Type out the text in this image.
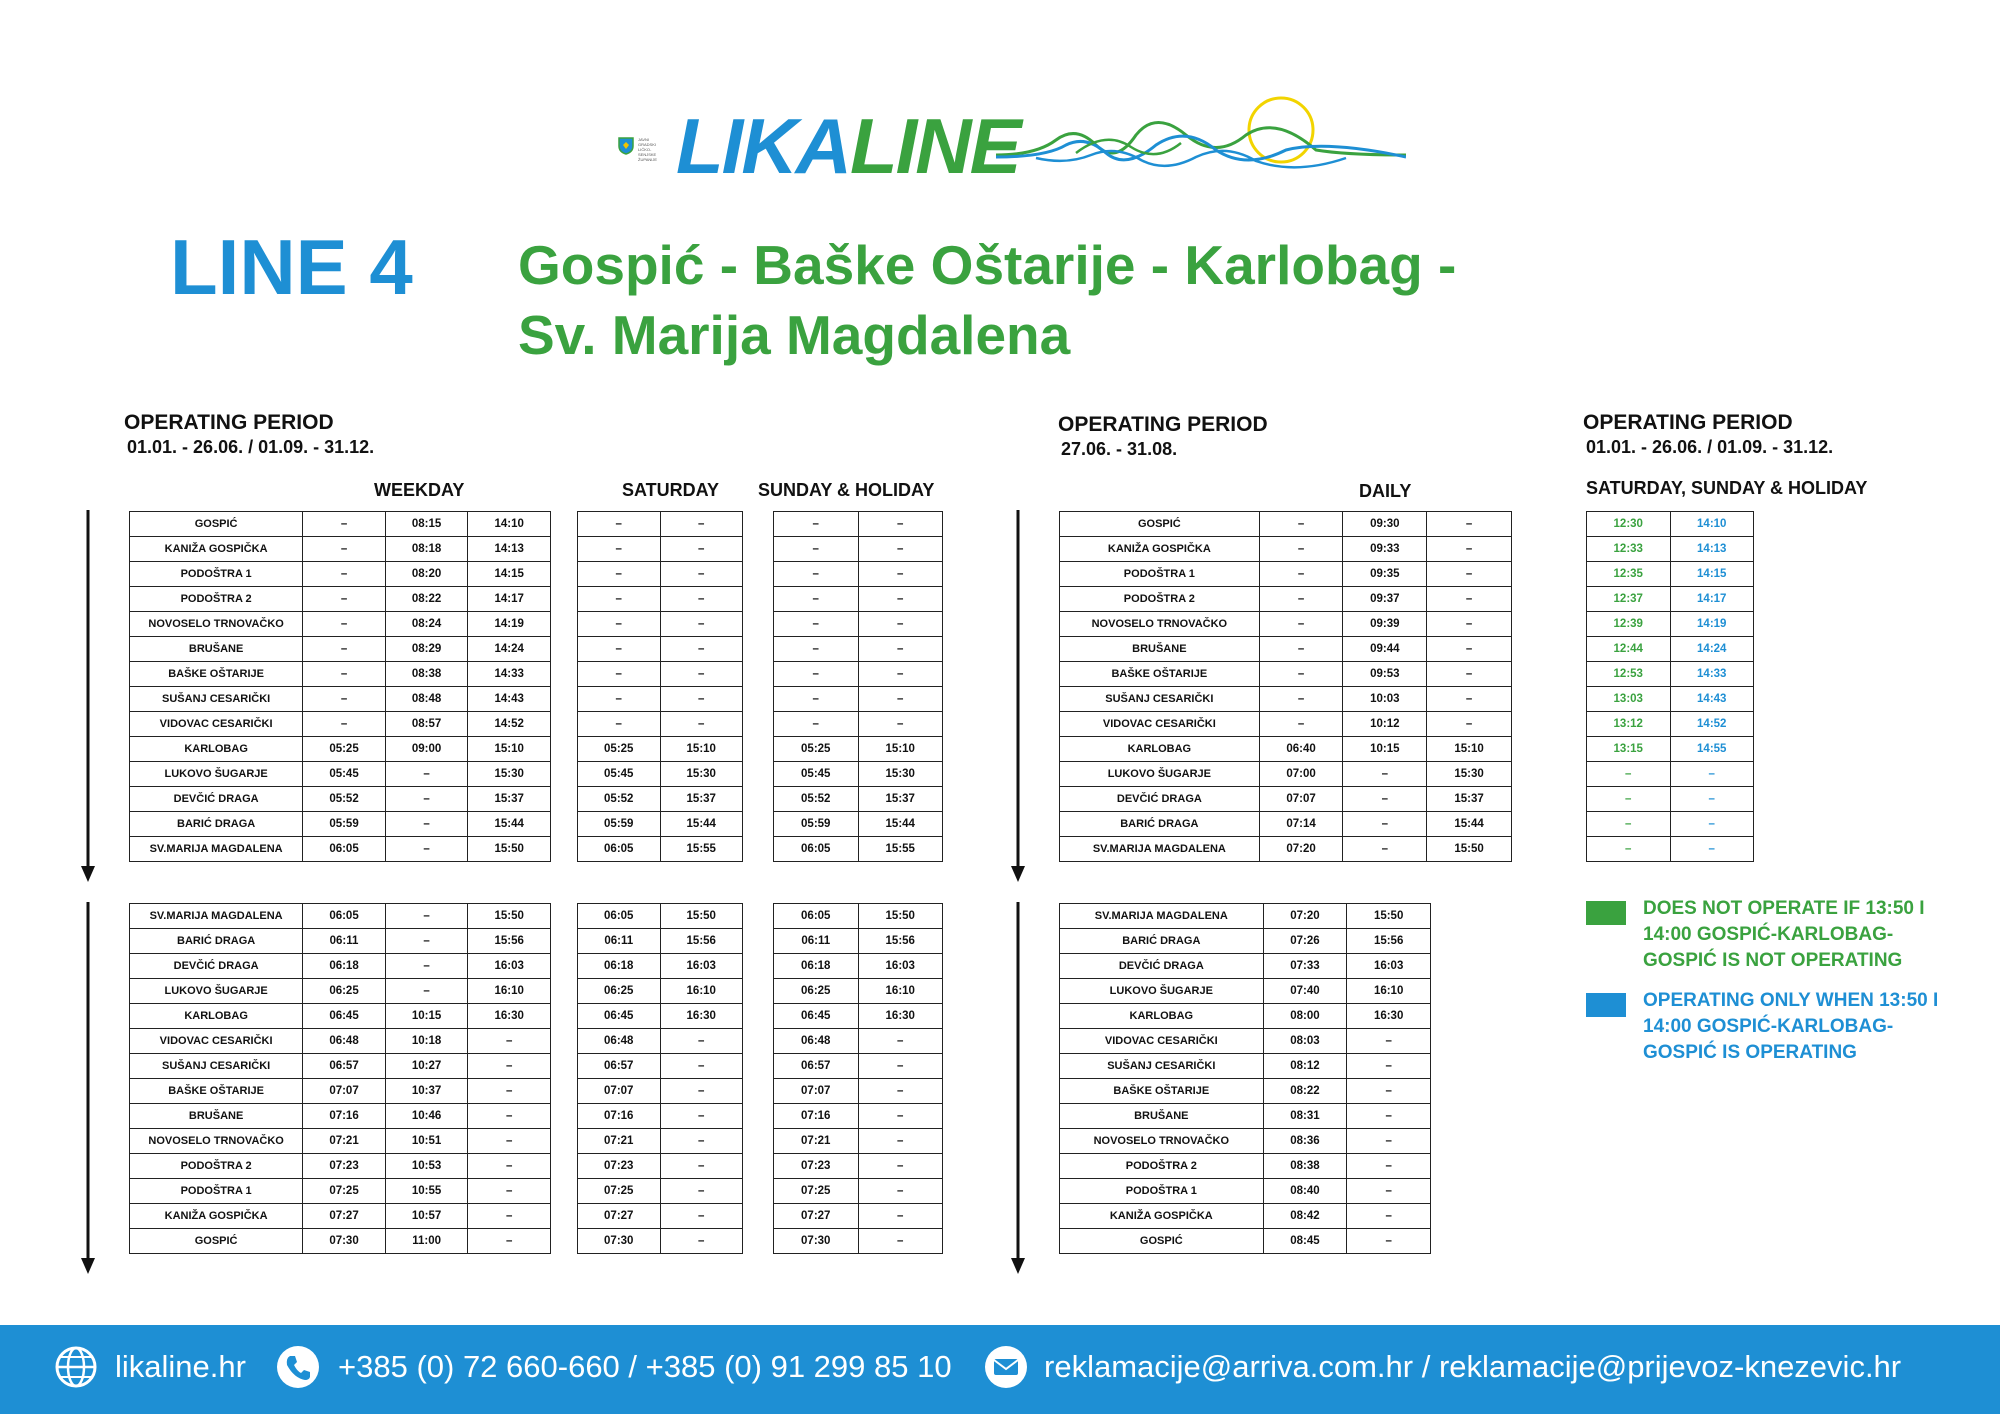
JAVNI GRADSKI LIČKO-SENJSKE ŽUPANIJE LIKALINE
LINE 4 Gospić - Baške Oštarije - Karlobag -
Sv. Marija Magdalena
OPERATING PERIOD
01.01. - 26.06. / 01.09. - 31.12.
OPERATING PERIOD
27.06. - 31.08.
OPERATING PERIOD
01.01. - 26.06. / 01.09. - 31.12.
WEEKDAY	SATURDAY SUNDAY & HOLIDAY	DAILY	SATURDAY, SUNDAY & HOLIDAY
GOSPIĆ	–	08:15	14:10
KANIŽA GOSPIČKA	–	08:18	14:13
PODOŠTRA 1	–	08:20	14:15
PODOŠTRA 2	–	08:22	14:17
NOVOSELO TRNOVAČKO	–	08:24	14:19
BRUŠANE	–	08:29	14:24
BAŠKE OŠTARIJE	–	08:38	14:33
SUŠANJ CESARIČKI	–	08:48	14:43
VIDOVAC CESARIČKI	–	08:57	14:52
KARLOBAG	05:25	09:00	15:10
LUKOVO ŠUGARJE	05:45	–	15:30
DEVČIĆ DRAGA	05:52	–	15:37
BARIĆ DRAGA	05:59	–	15:44
SV.MARIJA MAGDALENA	06:05	–	15:50
–	–
–	–
–	–
–	–
–	–
–	–
–	–
–	–
–	–
05:25	15:10
05:45	15:30
05:52	15:37
05:59	15:44
06:05	15:55
–	–
–	–
–	–
–	–
–	–
–	–
–	–
–	–
–	–
05:25	15:10
05:45	15:30
05:52	15:37
05:59	15:44
06:05	15:55
GOSPIĆ	–	09:30	–
KANIŽA GOSPIČKA	–	09:33	–
PODOŠTRA 1	–	09:35	–
PODOŠTRA 2	–	09:37	–
NOVOSELO TRNOVAČKO	–	09:39	–
BRUŠANE	–	09:44	–
BAŠKE OŠTARIJE	–	09:53	–
SUŠANJ CESARIČKI	–	10:03	–
VIDOVAC CESARIČKI	–	10:12	–
KARLOBAG	06:40	10:15	15:10
LUKOVO ŠUGARJE	07:00	–	15:30
DEVČIĆ DRAGA	07:07	–	15:37
BARIĆ DRAGA	07:14	–	15:44
SV.MARIJA MAGDALENA	07:20	–	15:50
12:30	14:10
12:33	14:13
12:35	14:15
12:37	14:17
12:39	14:19
12:44	14:24
12:53	14:33
13:03	14:43
13:12	14:52
13:15	14:55
–	–
–	–
–	–
–	–
SV.MARIJA MAGDALENA	06:05	–	15:50
BARIĆ DRAGA	06:11	–	15:56
DEVČIĆ DRAGA	06:18	–	16:03
LUKOVO ŠUGARJE	06:25	–	16:10
KARLOBAG	06:45	10:15	16:30
VIDOVAC CESARIČKI	06:48	10:18	–
SUŠANJ CESARIČKI	06:57	10:27	–
BAŠKE OŠTARIJE	07:07	10:37	–
BRUŠANE	07:16	10:46	–
NOVOSELO TRNOVAČKO	07:21	10:51	–
PODOŠTRA 2	07:23	10:53	–
PODOŠTRA 1	07:25	10:55	–
KANIŽA GOSPIČKA	07:27	10:57	–
GOSPIĆ	07:30	11:00	–
06:05	15:50
06:11	15:56
06:18	16:03
06:25	16:10
06:45	16:30
06:48	–
06:57	–
07:07	–
07:16	–
07:21	–
07:23	–
07:25	–
07:27	–
07:30	–
06:05	15:50
06:11	15:56
06:18	16:03
06:25	16:10
06:45	16:30
06:48	–
06:57	–
07:07	–
07:16	–
07:21	–
07:23	–
07:25	–
07:27	–
07:30	–
SV.MARIJA MAGDALENA	07:20	15:50
BARIĆ DRAGA	07:26	15:56
DEVČIĆ DRAGA	07:33	16:03
LUKOVO ŠUGARJE	07:40	16:10
KARLOBAG	08:00	16:30
VIDOVAC CESARIČKI	08:03	–
SUŠANJ CESARIČKI	08:12	–
BAŠKE OŠTARIJE	08:22	–
BRUŠANE	08:31	–
NOVOSELO TRNOVAČKO	08:36	–
PODOŠTRA 2	08:38	–
PODOŠTRA 1	08:40	–
KANIŽA GOSPIČKA	08:42	–
GOSPIĆ	08:45	–
DOES NOT OPERATE IF 13:50 I 14:00 GOSPIĆ-KARLOBAG-GOSPIĆ IS NOT OPERATING
OPERATING ONLY WHEN 13:50 I 14:00 GOSPIĆ-KARLOBAG-GOSPIĆ IS OPERATING
likaline.hr	+385 (0) 72 660-660 / +385 (0) 91 299 85 10	reklamacije@arriva.com.hr / reklamacije@prijevoz-knezevic.hr
